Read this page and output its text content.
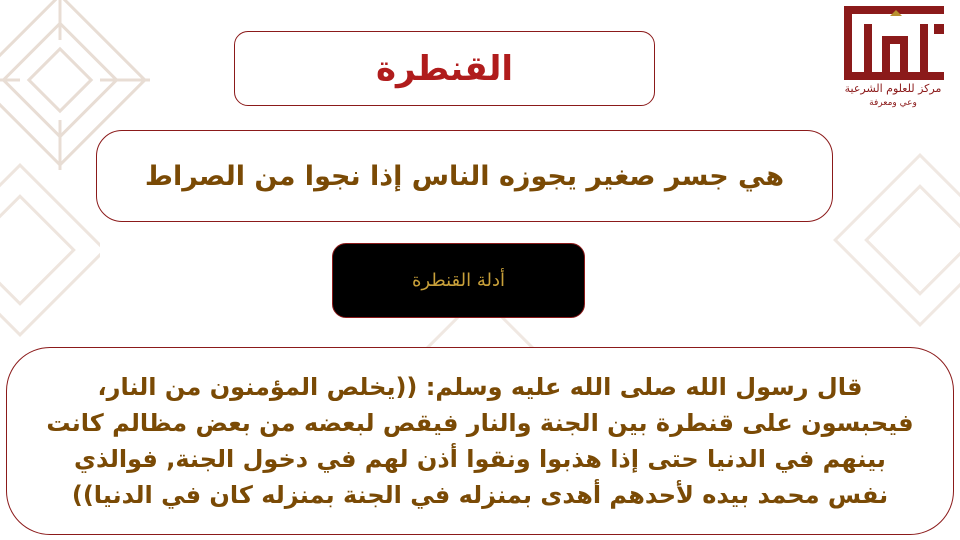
مركز للعلوم الشرعية
وعي ومعرفة
القنطرة
هي جسر صغير يجوزه الناس إذا نجوا من الصراط
أدلة القنطرة
قال رسول الله صلى الله عليه وسلم: ((يخلص المؤمنون من النار، فيحبسون على قنطرة بين الجنة والنار فيقص لبعضه من بعض مظالم كانت بينهم في الدنيا حتى إذا هذبوا ونقوا أذن لهم في دخول الجنة, فوالذي نفس محمد بيده لأحدهم أهدى بمنزله في الجنة بمنزله كان في الدنيا))
